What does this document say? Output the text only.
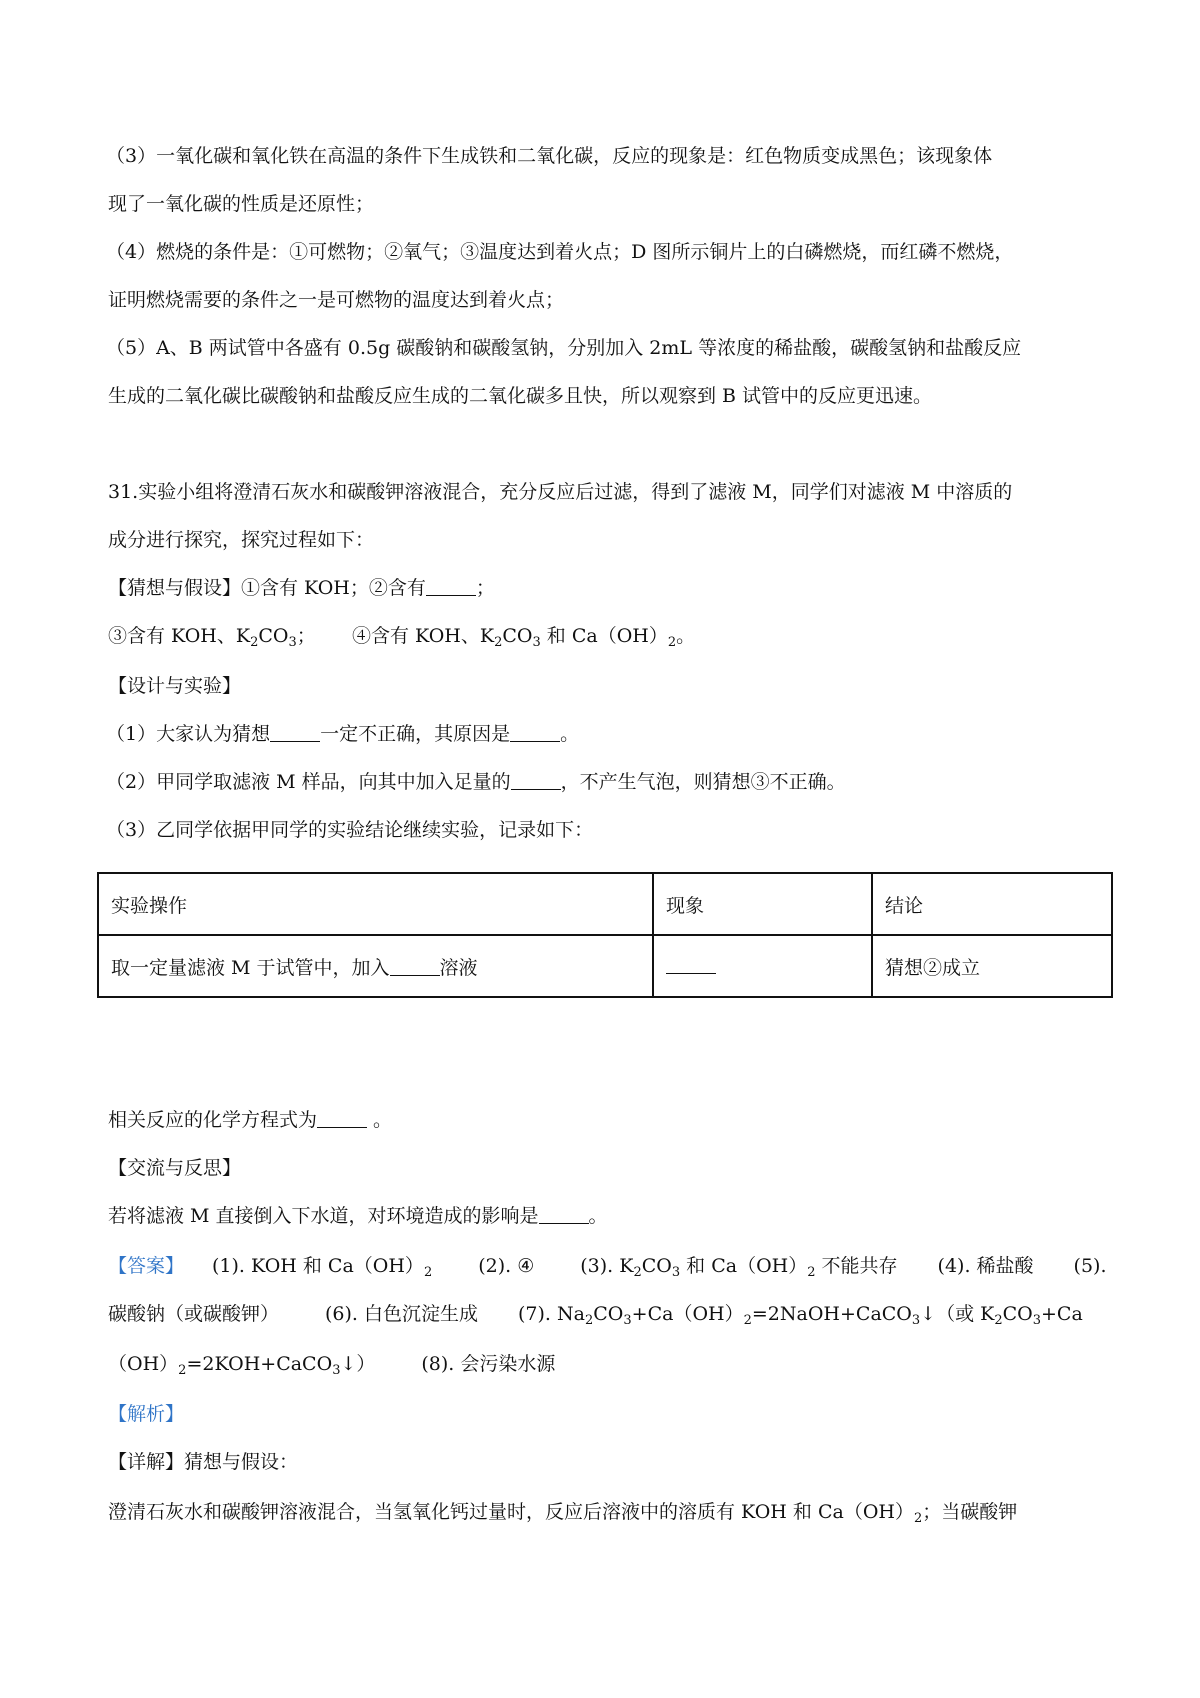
（3）一氧化碳和氧化铁在高温的条件下生成铁和二氧化碳，反应的现象是：红色物质变成黑色；该现象体
现了一氧化碳的性质是还原性；
（4）燃烧的条件是：①可燃物；②氧气；③温度达到着火点；D 图所示铜片上的白磷燃烧，而红磷不燃烧，
证明燃烧需要的条件之一是可燃物的温度达到着火点；
（5）A、B 两试管中各盛有 0.5g 碳酸钠和碳酸氢钠，分别加入 2mL 等浓度的稀盐酸，碳酸氢钠和盐酸反应
生成的二氧化碳比碳酸钠和盐酸反应生成的二氧化碳多且快，所以观察到 B 试管中的反应更迅速。
31.实验小组将澄清石灰水和碳酸钾溶液混合，充分反应后过滤，得到了滤液 M，同学们对滤液 M 中溶质的
成分进行探究，探究过程如下：
【猜想与假设】①含有 KOH；②含有	；
③含有 KOH、$K_2CO_3$；      ④含有 KOH、$K_2CO_3$ 和 $Ca(OH)_2$。
【设计与实验】
（1）大家认为猜想	一定不正确，其原因是	。
（2）甲同学取滤液 M 样品，向其中加入足量的	，不产生气泡，则猜想③不正确。
（3）乙同学依据甲同学的实验结论继续实验，记录如下：
实验操作	现象	结论
取一定量滤液 M 于试管中，加入 溶液		猜想②成立
相关反应的化学方程式为	。
【交流与反思】
若将滤液 M 直接倒入下水道，对环境造成的影响是	。
【答案】 (1). KOH 和 $Ca(OH)_2$ (2). ④ (3). $K_2CO_3$ 和 $Ca(OH)_2$ 不能共存 (4). 稀盐酸 (5).
碳酸钠（或碳酸钾） (6). 白色沉淀生成 (7). $Na_2CO_3+Ca(OH)_2=2NaOH+CaCO_3↓$（或 $K_2CO_3+Ca$
$(OH)_2=2KOH+CaCO_3↓$） (8). 会污染水源
【解析】
【详解】猜想与假设：
澄清石灰水和碳酸钾溶液混合，当氢氧化钙过量时，反应后溶液中的溶质有 KOH 和 $Ca(OH)_2$；当碳酸钾
